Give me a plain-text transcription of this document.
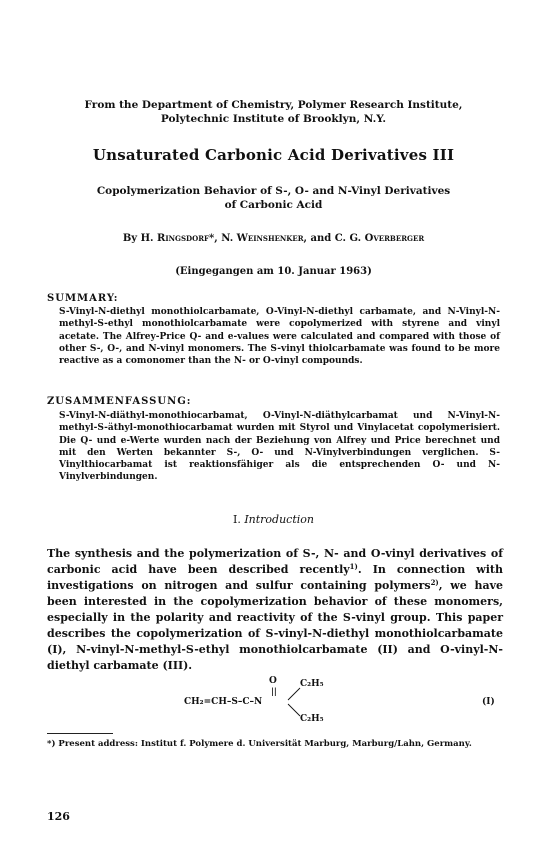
From the Department of Chemistry, Polymer Research Institute,
Polytechnic Institute of Brooklyn, N.Y.
Unsaturated Carbonic Acid Derivatives III
Copolymerization Behavior of S-, O- and N-Vinyl Derivatives
of Carbonic Acid
By H. Ringsdorf*, N. Weinshenker, and C. G. Overberger
(Eingegangen am 10. Januar 1963)
SUMMARY:
S-Vinyl-N-diethyl monothiolcarbamate, O-Vinyl-N-diethyl carbamate, and N-Vinyl-N-methyl-S-ethyl monothiolcarbamate were copolymerized with styrene and vinyl acetate. The Alfrey-Price Q- and e-values were calculated and compared with those of other S-, O-, and N-vinyl monomers. The S-vinyl thiolcarbamate was found to be more reactive as a comonomer than the N- or O-vinyl compounds.
ZUSAMMENFASSUNG:
S-Vinyl-N-diäthyl-monothiocarbamat, O-Vinyl-N-diäthylcarbamat und N-Vinyl-N-methyl-S-äthyl-monothiocarbamat wurden mit Styrol und Vinylacetat copolymerisiert. Die Q- und e-Werte wurden nach der Beziehung von Alfrey und Price berechnet und mit den Werten bekannter S-, O- und N-Vinylverbindungen verglichen. S-Vinylthiocarbamat ist reaktionsfähiger als die entsprechenden O- und N-Vinylverbindungen.
I. Introduction
The synthesis and the polymerization of S-, N- and O-vinyl derivatives of carbonic acid have been described recently$^{1)}$. In connection with investigations on nitrogen and sulfur containing polymers$^{2)}$, we have been interested in the copolymerization behavior of these monomers, especially in the polarity and reactivity of the S-vinyl group. This paper describes the copolymerization of S-vinyl-N-diethyl monothiolcarbamate (I), N-vinyl-N-methyl-S-ethyl monothiolcarbamate (II) and O-vinyl-N-diethyl carbamate (III).
O
||
CH₂=CH–S–C–N
C₂H₅
C₂H₅
(I)
*) Present address: Institut f. Polymere d. Universität Marburg, Marburg/Lahn, Germany.
126
